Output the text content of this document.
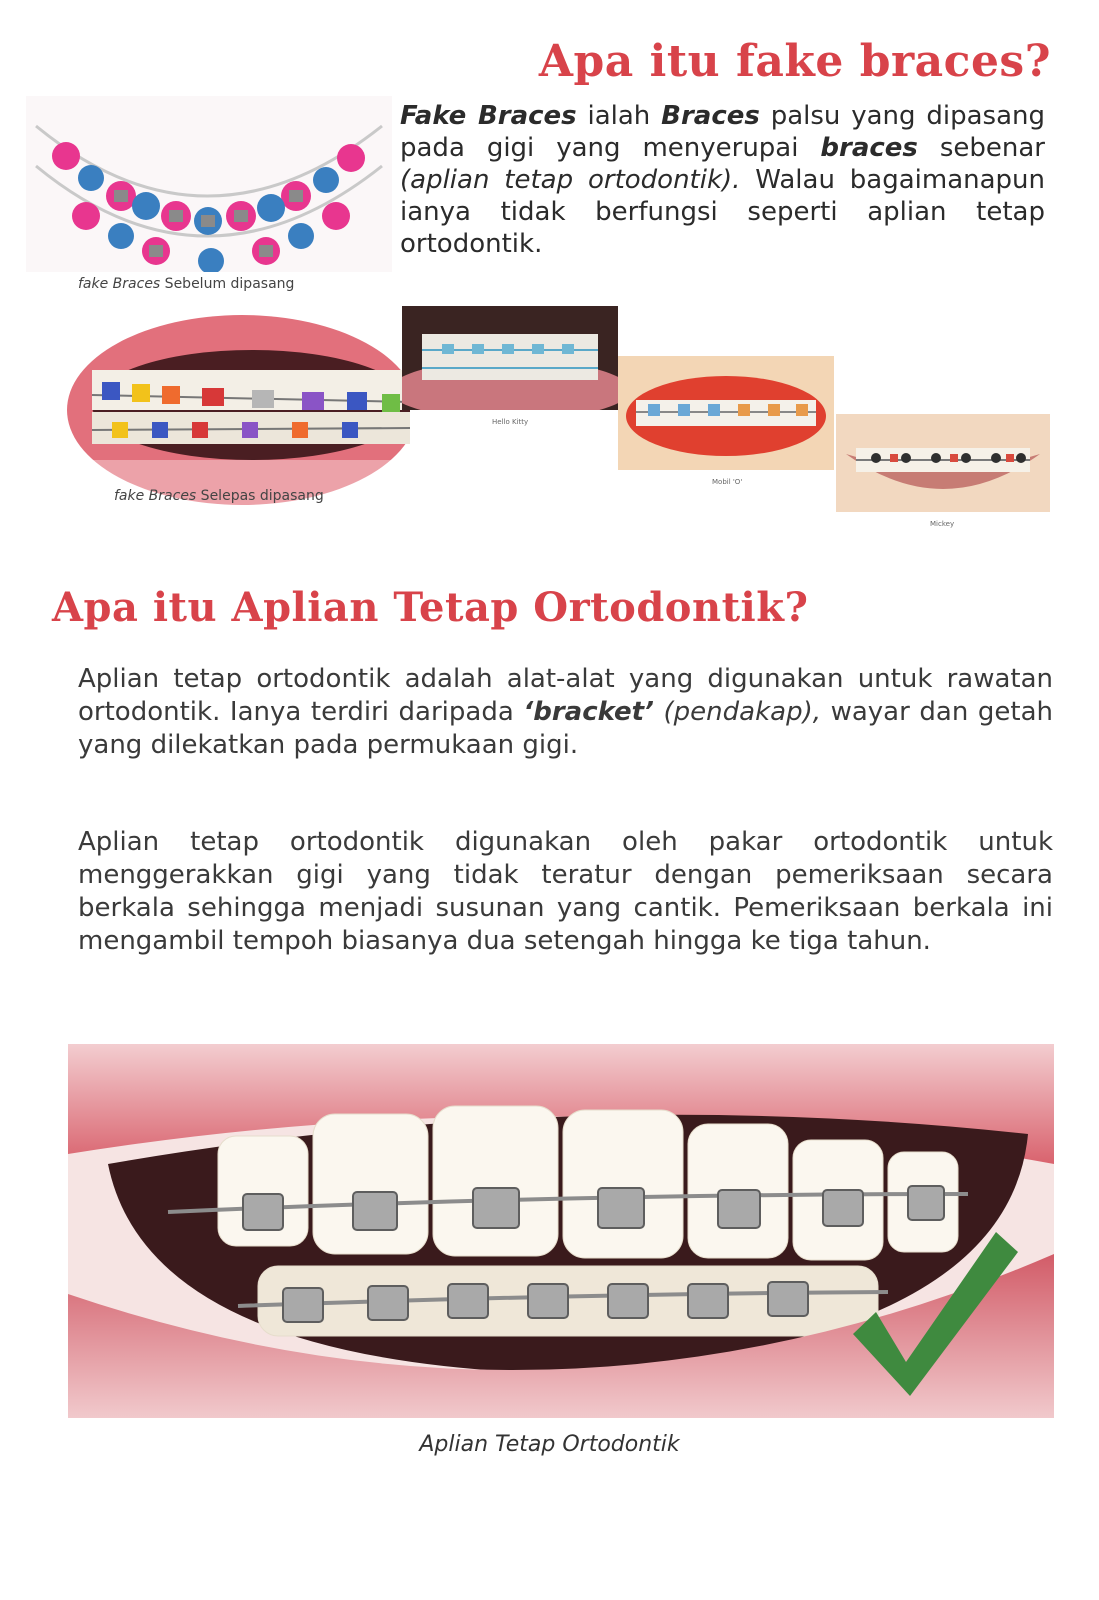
Apa itu fake braces?
fake Braces Sebelum dipasang
Fake Braces ialah Braces palsu yang dipasang pada gigi yang menyerupai braces sebenar (aplian tetap ortodontik). Walau bagaimanapun ianya tidak berfungsi seperti aplian tetap ortodontik.
fake Braces Selepas dipasang
Hello Kitty
Mobil 'O'
Mickey
Apa itu Aplian Tetap Ortodontik?
Aplian tetap ortodontik adalah alat-alat yang digunakan untuk rawatan ortodontik. Ianya terdiri daripada ‘bracket’ (pendakap), wayar dan getah yang dilekatkan pada permukaan gigi.
Aplian tetap ortodontik digunakan oleh pakar ortodontik untuk menggerakkan gigi yang tidak teratur dengan pemeriksaan secara berkala sehingga menjadi susunan yang cantik. Pemeriksaan berkala ini mengambil tempoh biasanya dua setengah hingga ke tiga tahun.
Aplian Tetap Ortodontik
